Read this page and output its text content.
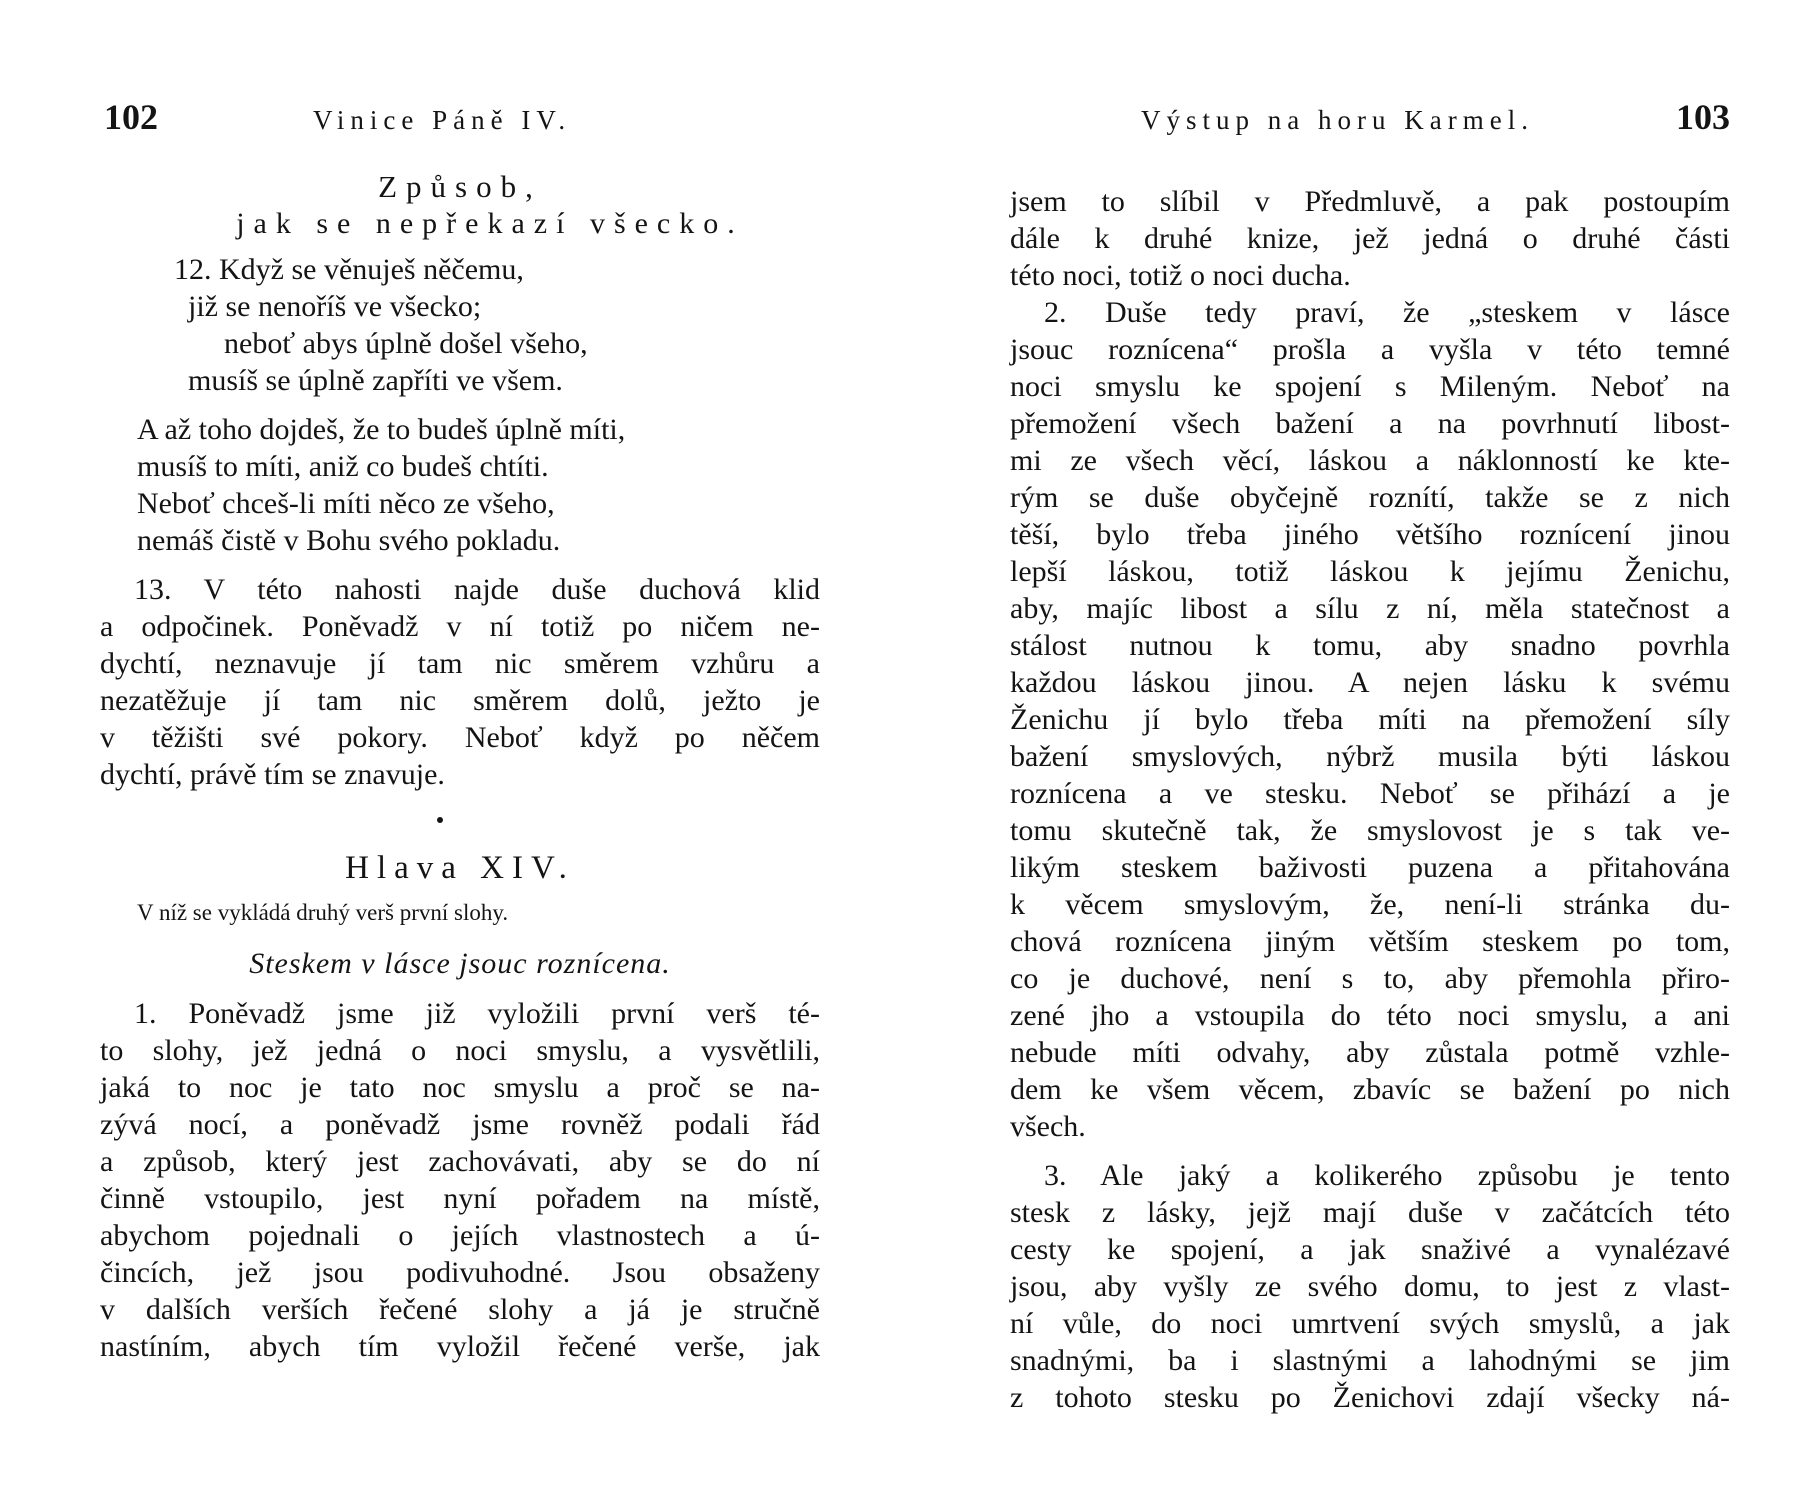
102	Vinice Páně IV.
Způsob,
jak se nepřekazí všecko.
12. Když se věnuješ něčemu,
již se nenoříš ve všecko;
neboť abys úplně došel všeho,
musíš se úplně zapříti ve všem.
A až toho dojdeš, že to budeš úplně míti,
musíš to míti, aniž co budeš chtíti.
Neboť chceš-li míti něco ze všeho,
nemáš čistě v Bohu svého pokladu.
13. V této nahosti najde duše duchová klid
a odpočinek. Poněvadž v ní totiž po ničem ne-
dychtí, neznavuje jí tam nic směrem vzhůru a
nezatěžuje jí tam nic směrem dolů, ježto je
v těžišti své pokory. Neboť když po něčem
dychtí, právě tím se znavuje.
Hlava XIV.
V níž se vykládá druhý verš první slohy.
Steskem v lásce jsouc roznícena.
1. Poněvadž jsme již vyložili první verš té-
to slohy, jež jedná o noci smyslu, a vysvětlili,
jaká to noc je tato noc smyslu a proč se na-
zývá nocí, a poněvadž jsme rovněž podali řád
a způsob, který jest zachovávati, aby se do ní
činně vstoupilo, jest nyní pořadem na místě,
abychom pojednali o jejích vlastnostech a ú-
čincích, jež jsou podivuhodné. Jsou obsaženy
v dalších verších řečené slohy a já je stručně
nastíním, abych tím vyložil řečené verše, jak
Výstup na horu Karmel.	103
jsem to slíbil v Předmluvě, a pak postoupím
dále k druhé knize, jež jedná o druhé části
této noci, totiž o noci ducha.
2. Duše tedy praví, že „steskem v lásce
jsouc roznícena“ prošla a vyšla v této temné
noci smyslu ke spojení s Mileným. Neboť na
přemožení všech bažení a na povrhnutí libost-
mi ze všech věcí, láskou a náklonností ke kte-
rým se duše obyčejně roznítí, takže se z nich
těší, bylo třeba jiného většího roznícení jinou
lepší láskou, totiž láskou k jejímu Ženichu,
aby, majíc libost a sílu z ní, měla statečnost a
stálost nutnou k tomu, aby snadno povrhla
každou láskou jinou. A nejen lásku k svému
Ženichu jí bylo třeba míti na přemožení síly
bažení smyslových, nýbrž musila býti láskou
roznícena a ve stesku. Neboť se přihází a je
tomu skutečně tak, že smyslovost je s tak ve-
likým steskem baživosti puzena a přitahována
k věcem smyslovým, že, není-li stránka du-
chová roznícena jiným větším steskem po tom,
co je duchové, není s to, aby přemohla přiro-
zené jho a vstoupila do této noci smyslu, a ani
nebude míti odvahy, aby zůstala potmě vzhle-
dem ke všem věcem, zbavíc se bažení po nich
všech.
3. Ale jaký a kolikerého způsobu je tento
stesk z lásky, jejž mají duše v začátcích této
cesty ke spojení, a jak snaživé a vynalézavé
jsou, aby vyšly ze svého domu, to jest z vlast-
ní vůle, do noci umrtvení svých smyslů, a jak
snadnými, ba i slastnými a lahodnými se jim
z tohoto stesku po Ženichovi zdají všecky ná-
